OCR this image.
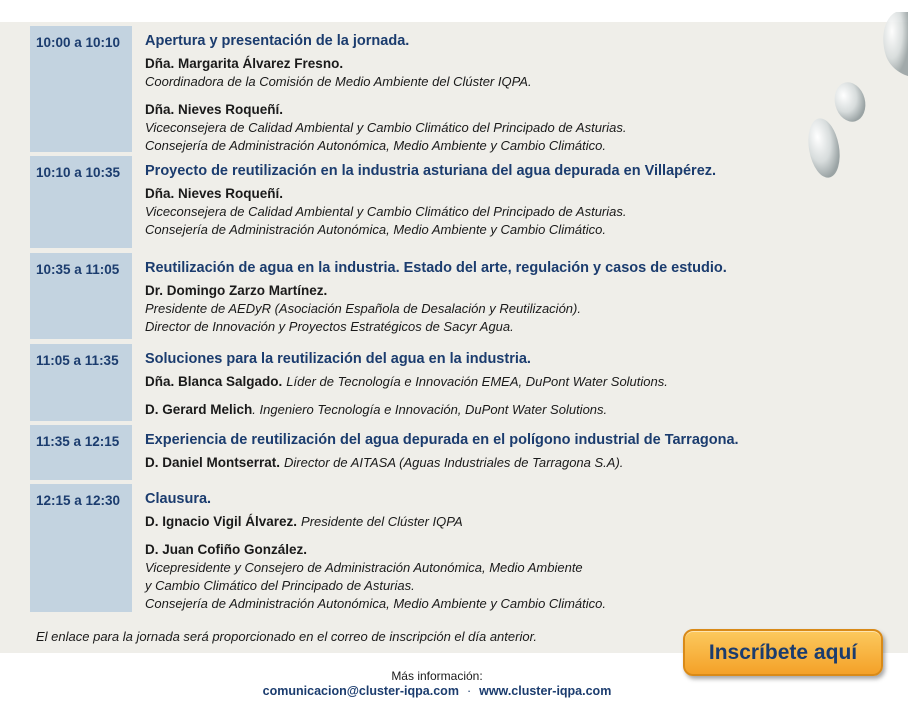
10:00 a 10:10	Apertura y presentación de la jornada.
Dña. Margarita Álvarez Fresno.
Coordinadora de la Comisión de Medio Ambiente del Clúster IQPA.
Dña. Nieves Roqueñí.
Viceconsejera de Calidad Ambiental y Cambio Climático del Principado de Asturias.
Consejería de Administración Autonómica, Medio Ambiente y Cambio Climático.
10:10 a 10:35	Proyecto de reutilización en la industria asturiana del agua depurada en Villapérez.
Dña. Nieves Roqueñí.
Viceconsejera de Calidad Ambiental y Cambio Climático del Principado de Asturias.
Consejería de Administración Autonómica, Medio Ambiente y Cambio Climático.
10:35 a 11:05	Reutilización de agua en la industria. Estado del arte, regulación y casos de estudio.
Dr. Domingo Zarzo Martínez.
Presidente de AEDyR (Asociación Española de Desalación y Reutilización).
Director de Innovación y Proyectos Estratégicos de Sacyr Agua.
11:05 a 11:35	Soluciones para la reutilización del agua en la industria.
Dña. Blanca Salgado. Líder de Tecnología e Innovación EMEA, DuPont Water Solutions.
D. Gerard Melich. Ingeniero Tecnología e Innovación, DuPont Water Solutions.
11:35 a 12:15	Experiencia de reutilización del agua depurada en el polígono industrial de Tarragona.
D. Daniel Montserrat. Director de AITASA (Aguas Industriales de Tarragona S.A).
12:15 a 12:30	Clausura.
D. Ignacio Vigil Álvarez. Presidente del Clúster IQPA
D. Juan Cofiño González.
Vicepresidente y Consejero de Administración Autonómica, Medio Ambiente
y Cambio Climático del Principado de Asturias.
Consejería de Administración Autonómica, Medio Ambiente y Cambio Climático.
El enlace para la jornada será proporcionado en el correo de inscripción el día anterior.
Inscríbete aquí
Más información:
comunicacion@cluster-iqpa.com · www.cluster-iqpa.com
